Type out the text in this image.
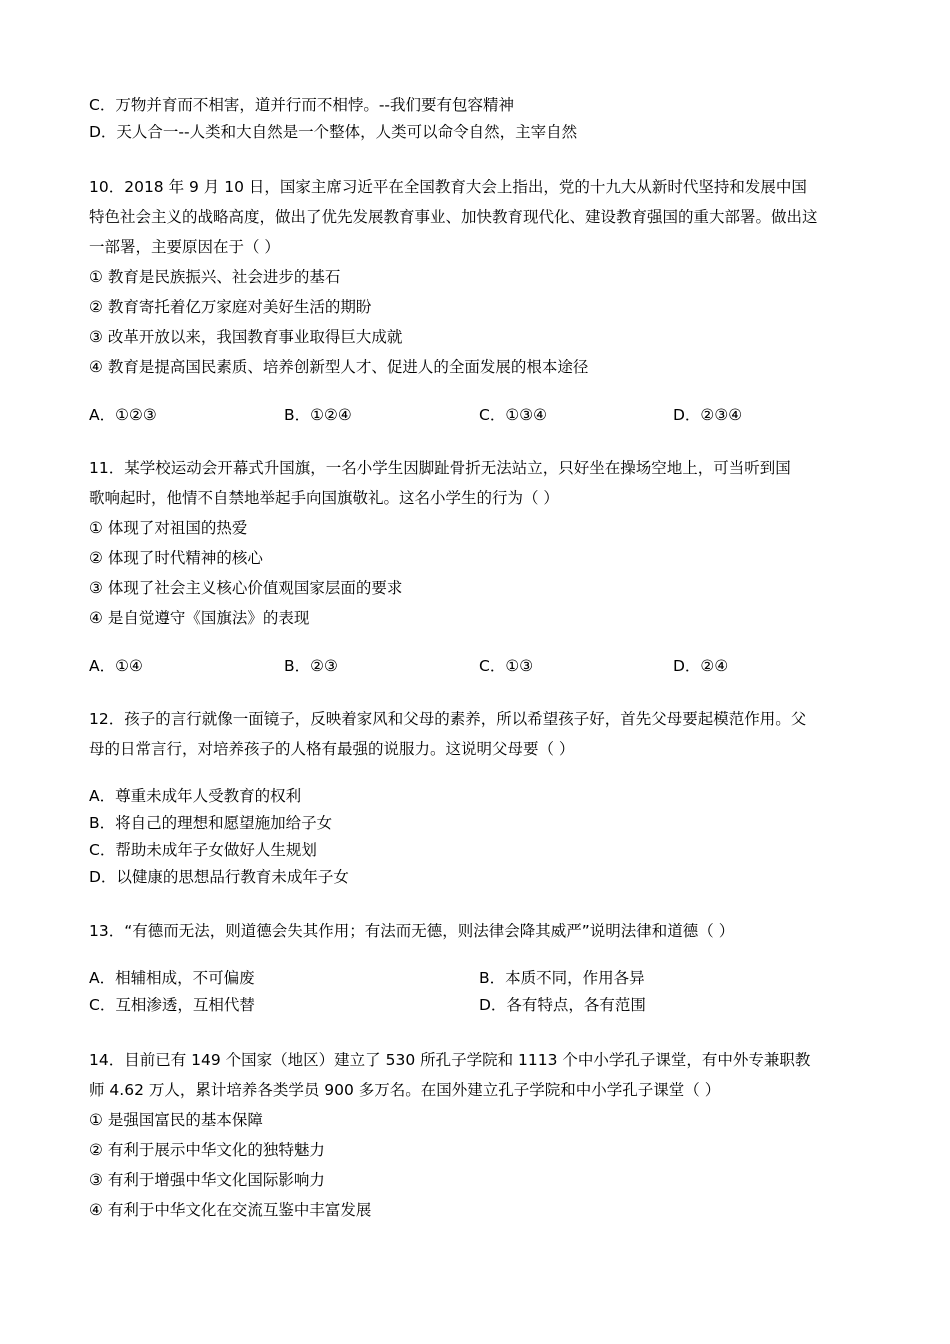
C．万物并育而不相害，道并行而不相悖。--我们要有包容精神
D．天人合一--人类和大自然是一个整体，人类可以命令自然，主宰自然
10．2018 年 9 月 10 日，国家主席习近平在全国教育大会上指出，党的十九大从新时代坚持和发展中国
特色社会主义的战略高度，做出了优先发展教育事业、加快教育现代化、建设教育强国的重大部署。做出这
一部署，主要原因在于（ ）
① 教育是民族振兴、社会进步的基石
② 教育寄托着亿万家庭对美好生活的期盼
③ 改革开放以来，我国教育事业取得巨大成就
④ 教育是提高国民素质、培养创新型人才、促进人的全面发展的根本途径
A．①②③	B．①②④	C．①③④	D．②③④
11．某学校运动会开幕式升国旗，一名小学生因脚趾骨折无法站立，只好坐在操场空地上，可当听到国
歌响起时，他情不自禁地举起手向国旗敬礼。这名小学生的行为（ ）
① 体现了对祖国的热爱
② 体现了时代精神的核心
③ 体现了社会主义核心价值观国家层面的要求
④ 是自觉遵守《国旗法》的表现
A．①④	B．②③	C．①③	D．②④
12．孩子的言行就像一面镜子，反映着家风和父母的素养，所以希望孩子好，首先父母要起模范作用。父
母的日常言行，对培养孩子的人格有最强的说服力。这说明父母要（ ）
A．尊重未成年人受教育的权利
B．将自己的理想和愿望施加给子女
C．帮助未成年子女做好人生规划
D．以健康的思想品行教育未成年子女
13．“有德而无法，则道德会失其作用；有法而无德，则法律会降其威严”说明法律和道德（ ）
A．相辅相成，不可偏废	B．本质不同，作用各异
C．互相渗透，互相代替	D．各有特点，各有范围
14．目前已有 149 个国家（地区）建立了 530 所孔子学院和 1113 个中小学孔子课堂，有中外专兼职教
师 4.62 万人，累计培养各类学员 900 多万名。在国外建立孔子学院和中小学孔子课堂（ ）
① 是强国富民的基本保障
② 有利于展示中华文化的独特魅力
③ 有利于增强中华文化国际影响力
④ 有利于中华文化在交流互鉴中丰富发展
